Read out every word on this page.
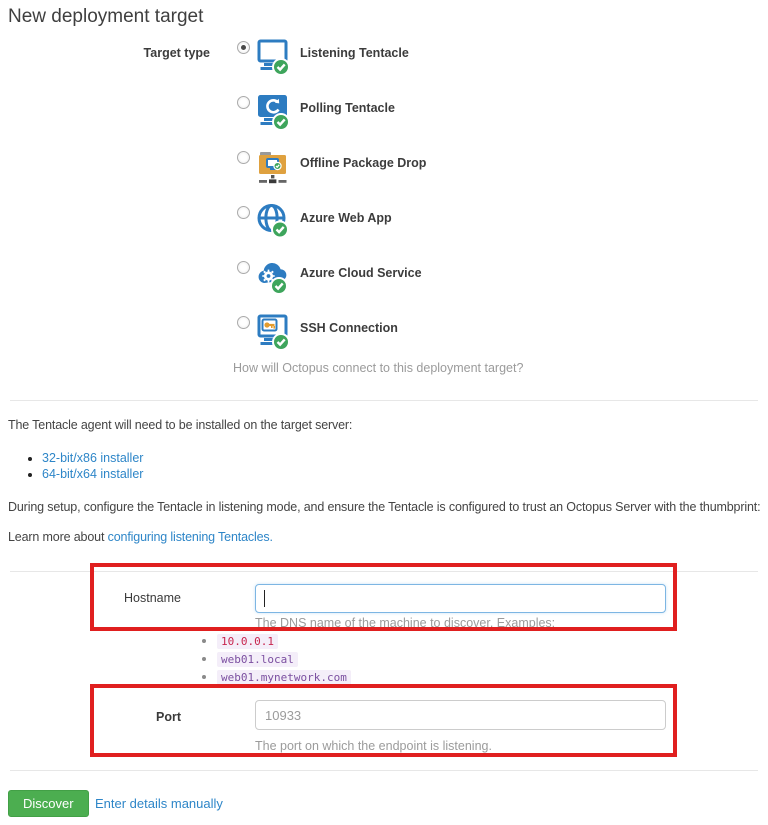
New deployment target
Target type	Listening Tentacle
Polling Tentacle
Offline Package Drop
Azure Web App
Azure Cloud Service
SSH Connection
How will Octopus connect to this deployment target?

The Tentacle agent will need to be installed on the target server:

• 32-bit/x86 installer
• 64-bit/x64 installer

During setup, configure the Tentacle in listening mode, and ensure the Tentacle is configured to trust an Octopus Server with the thumbprint:

Learn more about configuring listening Tentacles.

Hostname
The DNS name of the machine to discover. Examples:
• 10.0.0.1
• web01.local
• web01.mynetwork.com
Port
10933
The port on which the endpoint is listening.
Discover	Enter details manually
